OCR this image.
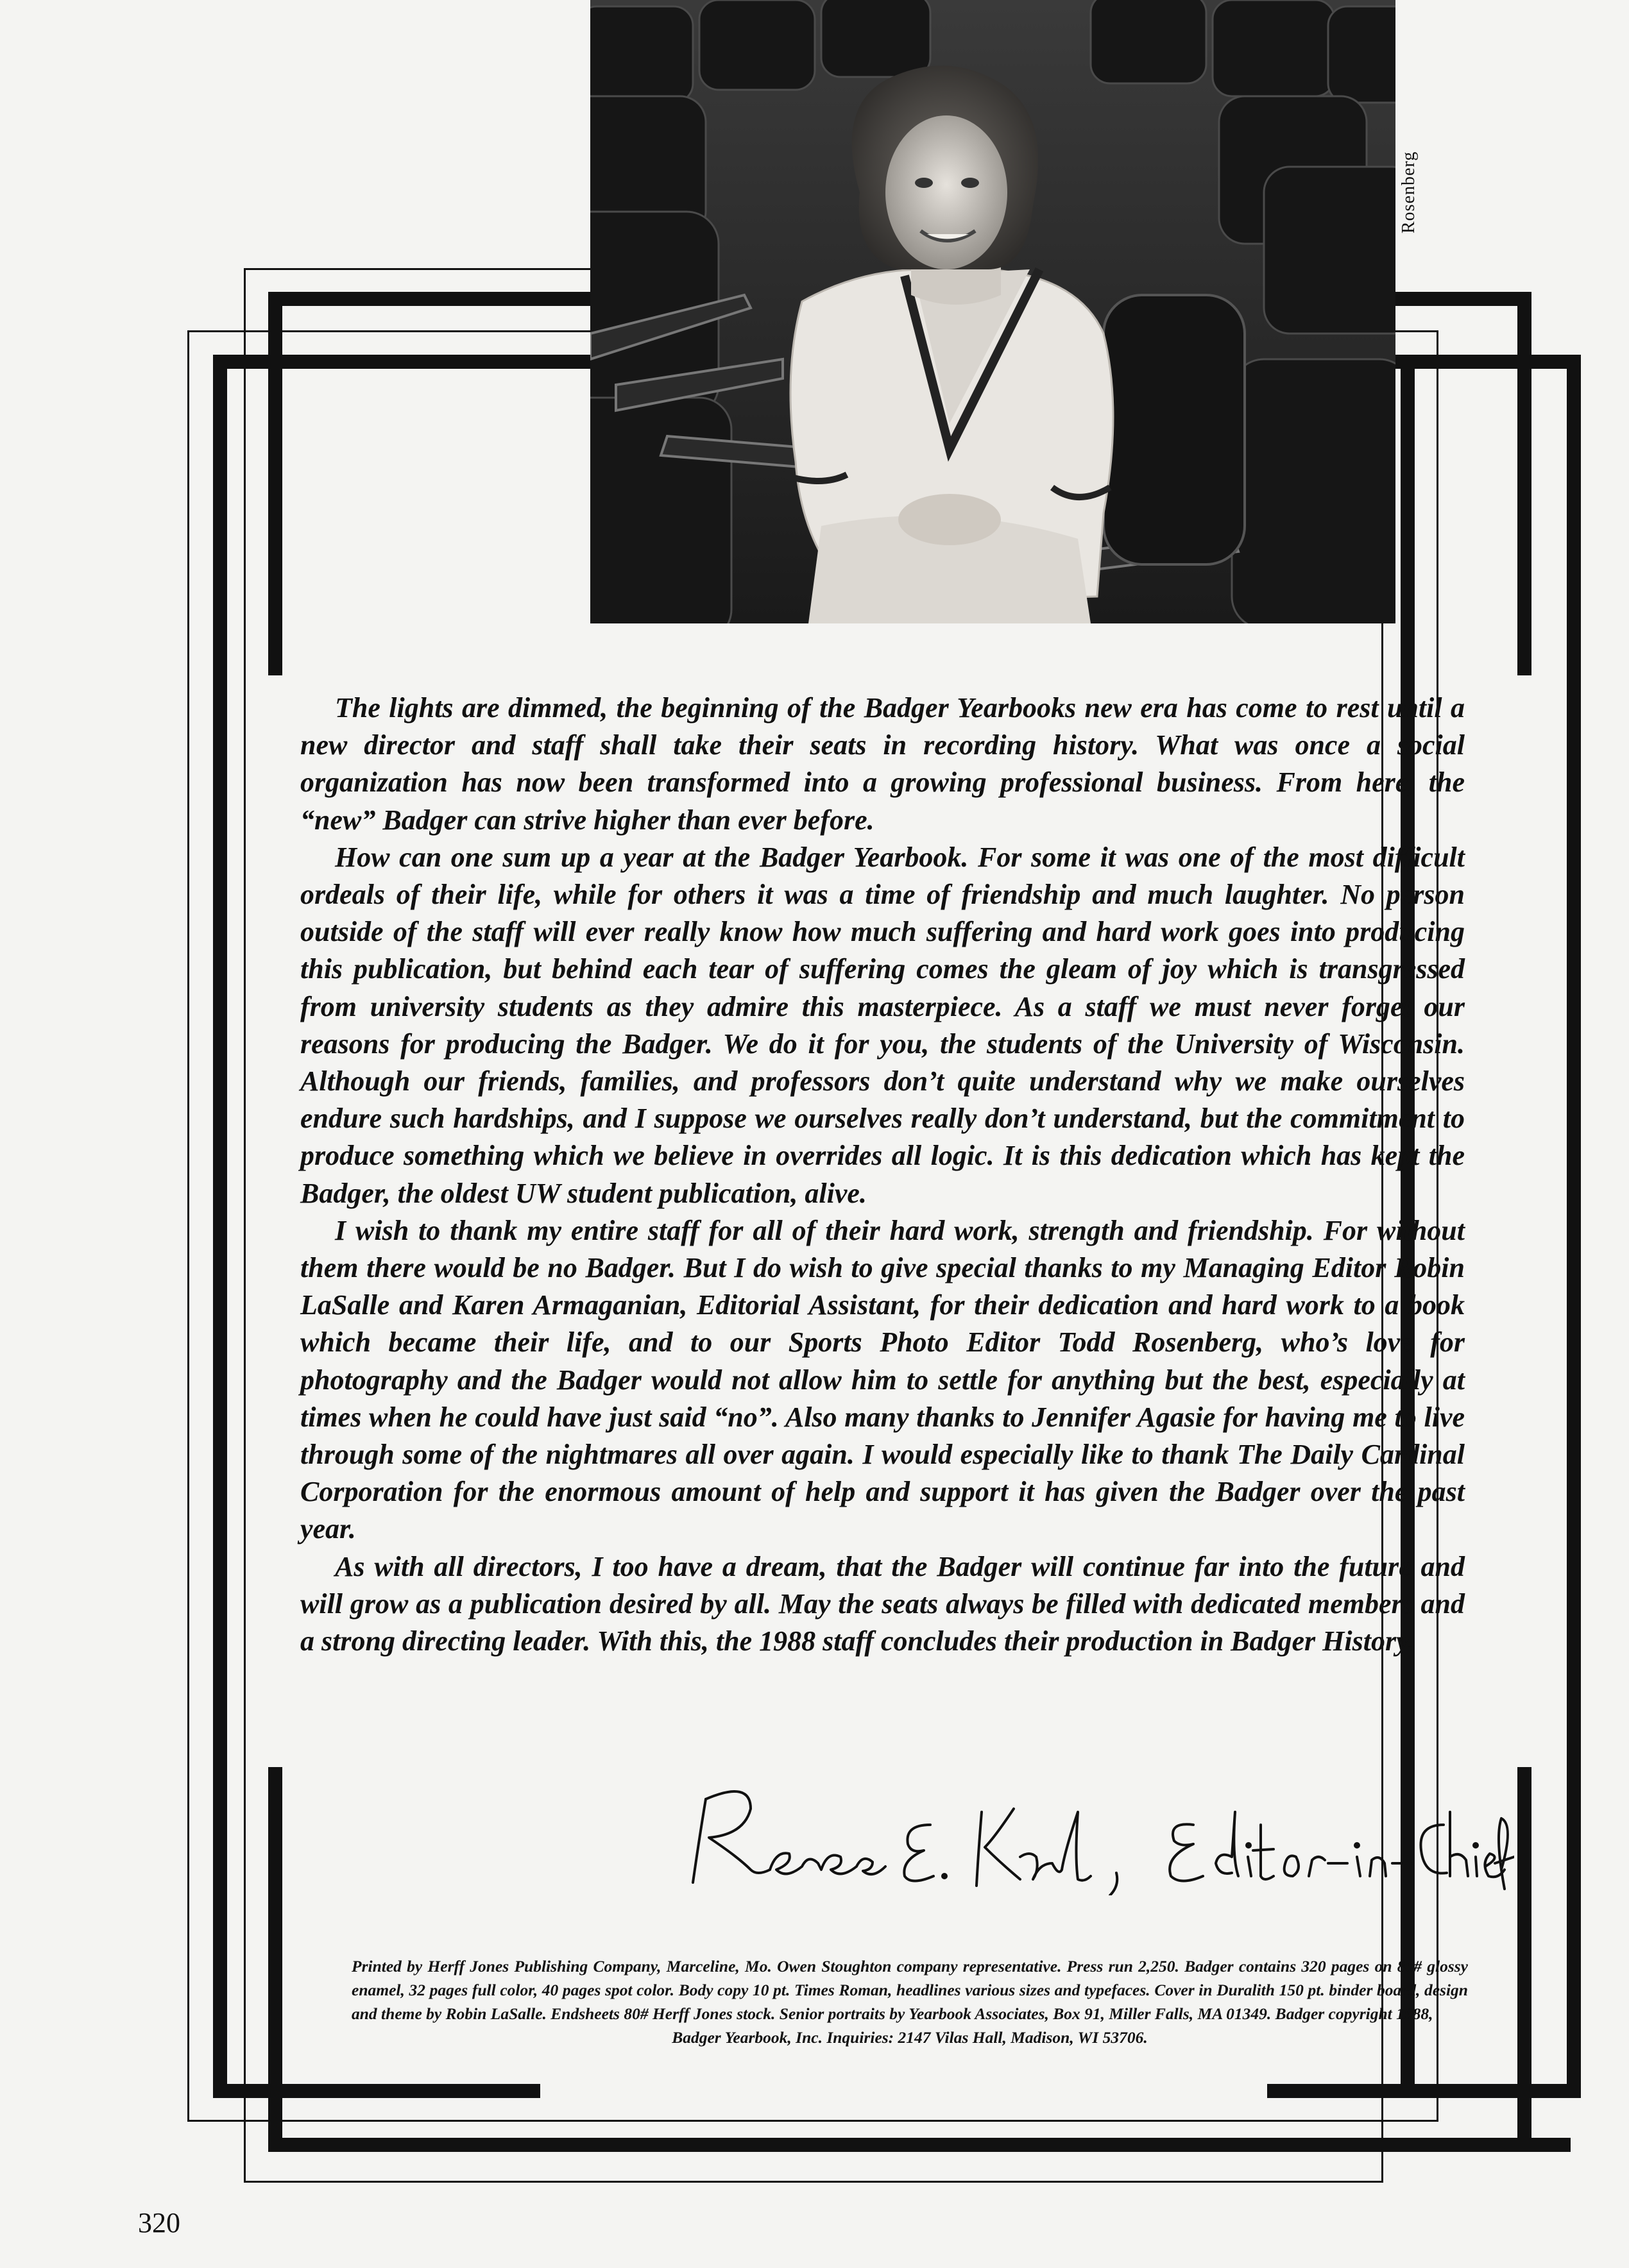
Rosenberg

The lights are dimmed, the beginning of the Badger Yearbooks new era has come to rest until a new director and staff shall take their seats in recording history. What was once a social organization has now been transformed into a growing professional business. From here, the “new” Badger can strive higher than ever before.

How can one sum up a year at the Badger Yearbook. For some it was one of the most difficult ordeals of their life, while for others it was a time of friendship and much laughter. No person outside of the staff will ever really know how much suffering and hard work goes into producing this publication, but behind each tear of suffering comes the gleam of joy which is transgressed from university students as they admire this masterpiece. As a staff we must never forget our reasons for producing the Badger. We do it for you, the students of the University of Wisconsin. Although our friends, families, and professors don’t quite understand why we make ourselves endure such hardships, and I suppose we ourselves really don’t understand, but the commitment to produce something which we believe in overrides all logic. It is this dedication which has kept the Badger, the oldest UW student publication, alive.

I wish to thank my entire staff for all of their hard work, strength and friendship. For without them there would be no Badger. But I do wish to give special thanks to my Managing Editor Robin LaSalle and Karen Armaganian, Editorial Assistant, for their dedication and hard work to a book which became their life, and to our Sports Photo Editor Todd Rosenberg, who’s love for photography and the Badger would not allow him to settle for anything but the best, especially at times when he could have just said “no”. Also many thanks to Jennifer Agasie for having me to live through some of the nightmares all over again. I would especially like to thank The Daily Cardinal Corporation for the enormous amount of help and support it has given the Badger over the past year.

As with all directors, I too have a dream, that the Badger will continue far into the future and will grow as a publication desired by all. May the seats always be filled with dedicated members and a strong directing leader. With this, the 1988 staff concludes their production in Badger History.

Printed by Herff Jones Publishing Company, Marceline, Mo. Owen Stoughton company representative. Press run 2,250. Badger contains 320 pages on 80# glossy enamel, 32 pages full color, 40 pages spot color. Body copy 10 pt. Times Roman, headlines various sizes and typefaces. Cover in Duralith 150 pt. binder board, design and theme by Robin LaSalle. Endsheets 80# Herff Jones stock. Senior portraits by Yearbook Associates, Box 91, Miller Falls, MA 01349. Badger copyright 1988,
Badger Yearbook, Inc. Inquiries: 2147 Vilas Hall, Madison, WI 53706.
320
